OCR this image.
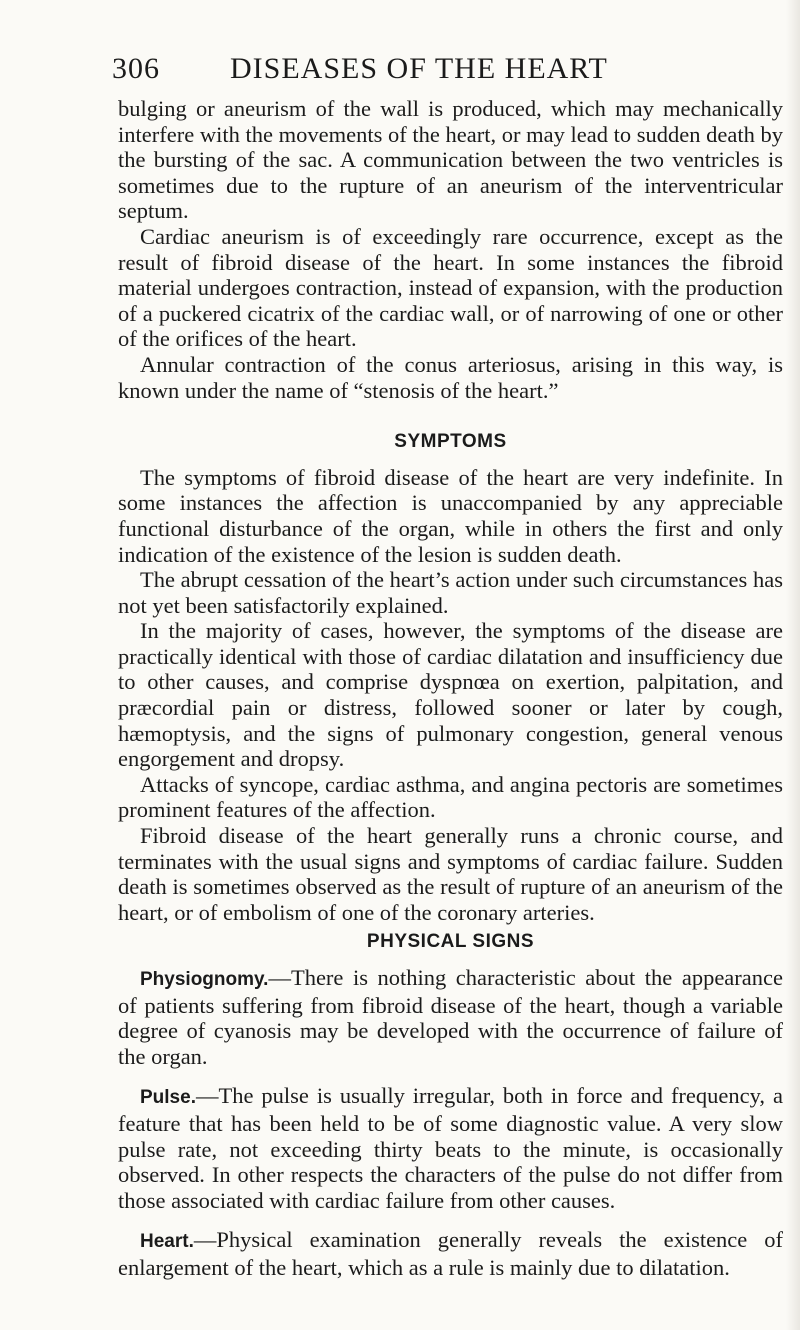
306 DISEASES OF THE HEART

bulging or aneurism of the wall is produced, which may mechanically interfere with the movements of the heart, or may lead to sudden death by the bursting of the sac. A communication between the two ventricles is sometimes due to the rupture of an aneurism of the interventricular septum.

Cardiac aneurism is of exceedingly rare occurrence, except as the result of fibroid disease of the heart. In some instances the fibroid material undergoes contraction, instead of expansion, with the production of a puckered cicatrix of the cardiac wall, or of narrowing of one or other of the orifices of the heart.

Annular contraction of the conus arteriosus, arising in this way, is known under the name of “stenosis of the heart.”

SYMPTOMS

The symptoms of fibroid disease of the heart are very indefinite. In some instances the affection is unaccompanied by any appreciable functional disturbance of the organ, while in others the first and only indication of the existence of the lesion is sudden death.

The abrupt cessation of the heart’s action under such circumstances has not yet been satisfactorily explained.

In the majority of cases, however, the symptoms of the disease are practically identical with those of cardiac dilatation and insufficiency due to other causes, and comprise dyspnœa on exertion, palpitation, and præcordial pain or distress, followed sooner or later by cough, hæmoptysis, and the signs of pulmonary congestion, general venous engorgement and dropsy.

Attacks of syncope, cardiac asthma, and angina pectoris are sometimes prominent features of the affection.

Fibroid disease of the heart generally runs a chronic course, and terminates with the usual signs and symptoms of cardiac failure. Sudden death is sometimes observed as the result of rupture of an aneurism of the heart, or of embolism of one of the coronary arteries.

PHYSICAL SIGNS

Physiognomy.—There is nothing characteristic about the appearance of patients suffering from fibroid disease of the heart, though a variable degree of cyanosis may be developed with the occurrence of failure of the organ.

Pulse.—The pulse is usually irregular, both in force and frequency, a feature that has been held to be of some diagnostic value. A very slow pulse rate, not exceeding thirty beats to the minute, is occasionally observed. In other respects the characters of the pulse do not differ from those associated with cardiac failure from other causes.

Heart.—Physical examination generally reveals the existence of enlargement of the heart, which as a rule is mainly due to dilatation.
